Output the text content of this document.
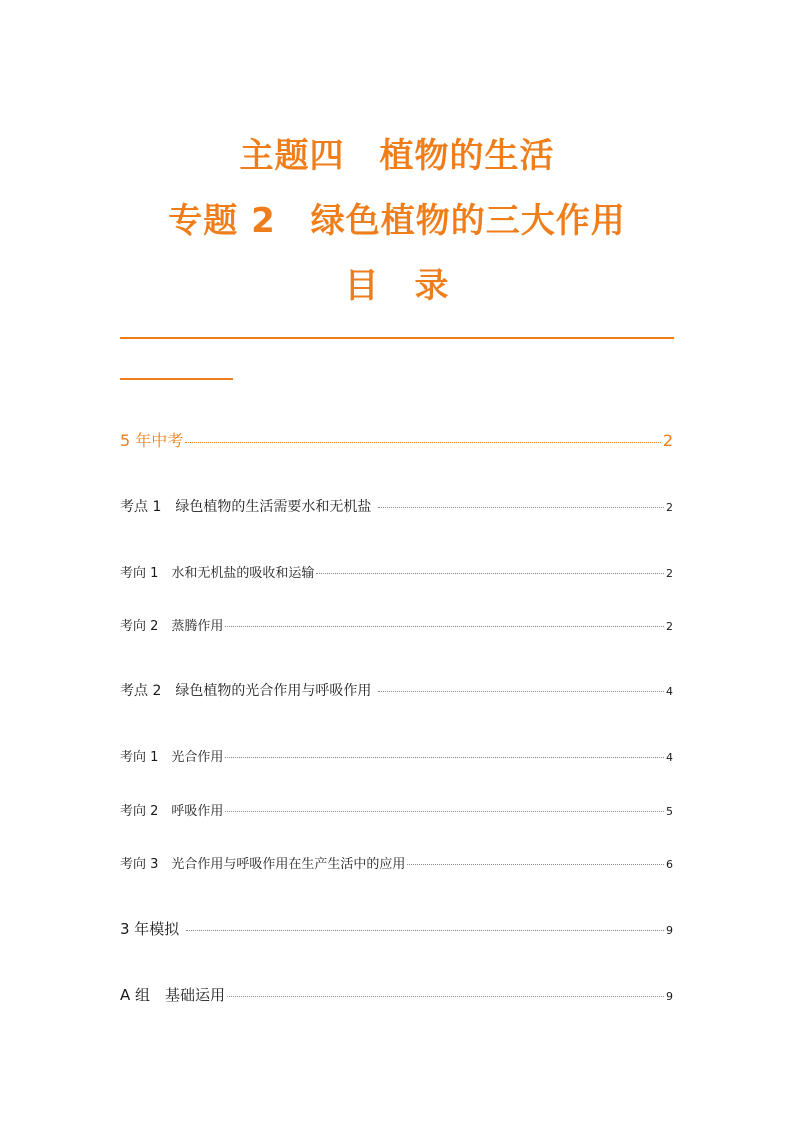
主题四　植物的生活
专题 2　绿色植物的三大作用
目　录
5 年中考	2
考点 1　绿色植物的生活需要水和无机盐	2
考向 1　水和无机盐的吸收和运输	2
考向 2　蒸腾作用	2
考点 2　绿色植物的光合作用与呼吸作用	4
考向 1　光合作用	4
考向 2　呼吸作用	5
考向 3　光合作用与呼吸作用在生产生活中的应用	6
3 年模拟	9
A 组　基础运用	9
